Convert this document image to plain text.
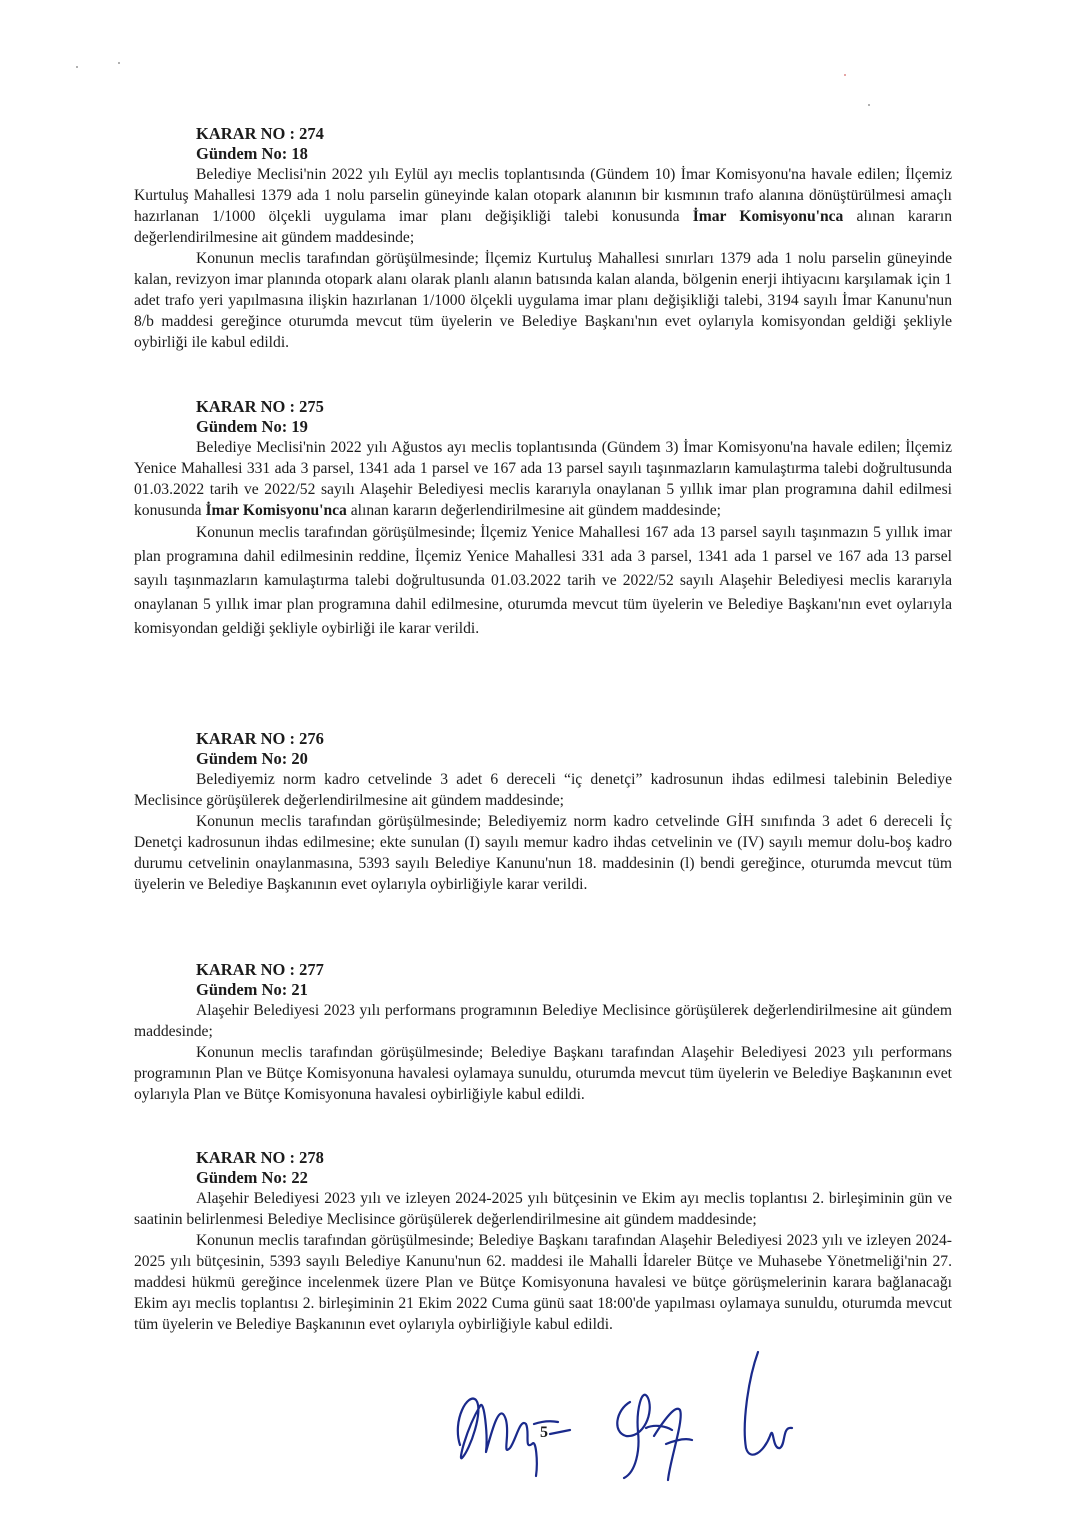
KARAR NO : 274

Gündem No: 18

Belediye Meclisi'nin 2022 yılı Eylül ayı meclis toplantısında (Gündem 10) İmar Komisyonu'na havale edilen; İlçemiz Kurtuluş Mahallesi 1379 ada 1 nolu parselin güneyinde kalan otopark alanının bir kısmının trafo alanına dönüştürülmesi amaçlı hazırlanan 1/1000 ölçekli uygulama imar planı değişikliği talebi konusunda İmar Komisyonu'nca alınan kararın değerlendirilmesine ait gündem maddesinde;

Konunun meclis tarafından görüşülmesinde; İlçemiz Kurtuluş Mahallesi sınırları 1379 ada 1 nolu parselin güneyinde kalan, revizyon imar planında otopark alanı olarak planlı alanın batısında kalan alanda, bölgenin enerji ihtiyacını karşılamak için 1 adet trafo yeri yapılmasına ilişkin hazırlanan 1/1000 ölçekli uygulama imar planı değişikliği talebi, 3194 sayılı İmar Kanunu'nun 8/b maddesi gereğince oturumda mevcut tüm üyelerin ve Belediye Başkanı'nın evet oylarıyla komisyondan geldiği şekliyle oybirliği ile kabul edildi.

KARAR NO : 275

Gündem No: 19

Belediye Meclisi'nin 2022 yılı Ağustos ayı meclis toplantısında (Gündem 3) İmar Komisyonu'na havale edilen; İlçemiz Yenice Mahallesi 331 ada 3 parsel, 1341 ada 1 parsel ve 167 ada 13 parsel sayılı taşınmazların kamulaştırma talebi doğrultusunda 01.03.2022 tarih ve 2022/52 sayılı Alaşehir Belediyesi meclis kararıyla onaylanan 5 yıllık imar plan programına dahil edilmesi konusunda İmar Komisyonu'nca alınan kararın değerlendirilmesine ait gündem maddesinde;

Konunun meclis tarafından görüşülmesinde; İlçemiz Yenice Mahallesi 167 ada 13 parsel sayılı taşınmazın 5 yıllık imar plan programına dahil edilmesinin reddine, İlçemiz Yenice Mahallesi 331 ada 3 parsel, 1341 ada 1 parsel ve 167 ada 13 parsel sayılı taşınmazların kamulaştırma talebi doğrultusunda 01.03.2022 tarih ve 2022/52 sayılı Alaşehir Belediyesi meclis kararıyla onaylanan 5 yıllık imar plan programına dahil edilmesine, oturumda mevcut tüm üyelerin ve Belediye Başkanı'nın evet oylarıyla komisyondan geldiği şekliyle oybirliği ile karar verildi.

KARAR NO : 276

Gündem No: 20

Belediyemiz norm kadro cetvelinde 3 adet 6 dereceli “iç denetçi” kadrosunun ihdas edilmesi talebinin Belediye Meclisince görüşülerek değerlendirilmesine ait gündem maddesinde;

Konunun meclis tarafından görüşülmesinde; Belediyemiz norm kadro cetvelinde GİH sınıfında 3 adet 6 dereceli İç Denetçi kadrosunun ihdas edilmesine; ekte sunulan (I) sayılı memur kadro ihdas cetvelinin ve (IV) sayılı memur dolu-boş kadro durumu cetvelinin onaylanmasına, 5393 sayılı Belediye Kanunu'nun 18. maddesinin (l) bendi gereğince, oturumda mevcut tüm üyelerin ve Belediye Başkanının evet oylarıyla oybirliğiyle karar verildi.

KARAR NO : 277

Gündem No: 21

Alaşehir Belediyesi 2023 yılı performans programının Belediye Meclisince görüşülerek değerlendirilmesine ait gündem maddesinde;

Konunun meclis tarafından görüşülmesinde; Belediye Başkanı tarafından Alaşehir Belediyesi 2023 yılı performans programının Plan ve Bütçe Komisyonuna havalesi oylamaya sunuldu, oturumda mevcut tüm üyelerin ve Belediye Başkanının evet oylarıyla Plan ve Bütçe Komisyonuna havalesi oybirliğiyle kabul edildi.

KARAR NO : 278

Gündem No: 22

Alaşehir Belediyesi 2023 yılı ve izleyen 2024-2025 yılı bütçesinin ve Ekim ayı meclis toplantısı 2. birleşiminin gün ve saatinin belirlenmesi Belediye Meclisince görüşülerek değerlendirilmesine ait gündem maddesinde;

Konunun meclis tarafından görüşülmesinde; Belediye Başkanı tarafından Alaşehir Belediyesi 2023 yılı ve izleyen 2024-2025 yılı bütçesinin, 5393 sayılı Belediye Kanunu'nun 62. maddesi ile Mahalli İdareler Bütçe ve Muhasebe Yönetmeliği'nin 27. maddesi hükmü gereğince incelenmek üzere Plan ve Bütçe Komisyonuna havalesi ve bütçe görüşmelerinin karara bağlanacağı Ekim ayı meclis toplantısı 2. birleşiminin 21 Ekim 2022 Cuma günü saat 18:00'de yapılması oylamaya sunuldu, oturumda mevcut tüm üyelerin ve Belediye Başkanının evet oylarıyla oybirliğiyle kabul edildi.

5
